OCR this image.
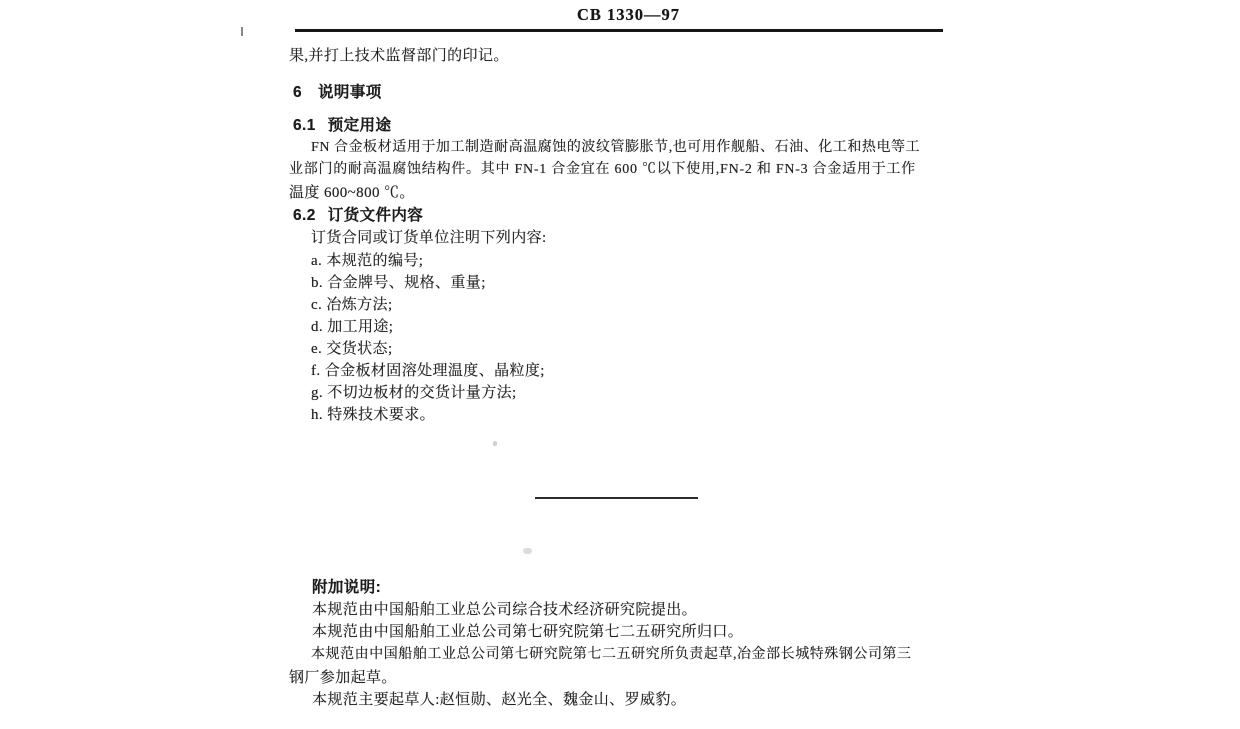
CB 1330—97
果,并打上技术监督部门的印记。
6 说明事项
6.1 预定用途
FN 合金板材适用于加工制造耐高温腐蚀的波纹管膨胀节,也可用作舰船、石油、化工和热电等工
业部门的耐高温腐蚀结构件。其中 FN-1 合金宜在 600 ℃以下使用,FN-2 和 FN-3 合金适用于工作
温度 600~800 ℃。
6.2 订货文件内容
订货合同或订货单位注明下列内容:
a. 本规范的编号;
b. 合金牌号、规格、重量;
c. 冶炼方法;
d. 加工用途;
e. 交货状态;
f. 合金板材固溶处理温度、晶粒度;
g. 不切边板材的交货计量方法;
h. 特殊技术要求。
附加说明:
本规范由中国船舶工业总公司综合技术经济研究院提出。
本规范由中国船舶工业总公司第七研究院第七二五研究所归口。
本规范由中国船舶工业总公司第七研究院第七二五研究所负责起草,冶金部长城特殊钢公司第三
钢厂参加起草。
本规范主要起草人:赵恒勋、赵光全、魏金山、罗威豹。
